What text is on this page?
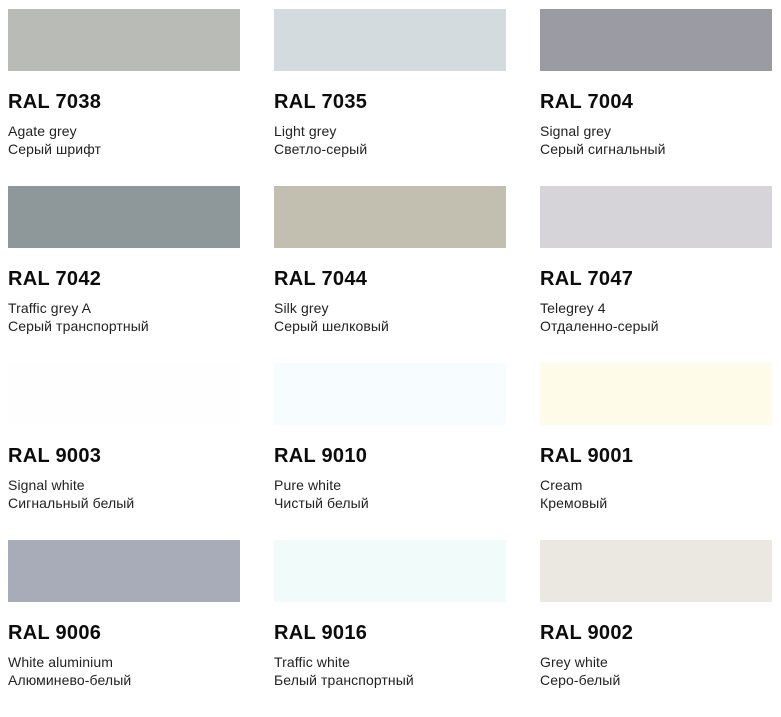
RAL 7038
Agate grey
Серый шрифт
RAL 7035
Light grey
Светло-серый
RAL 7004
Signal grey
Серый сигнальный
RAL 7042
Traffic grey A
Серый транспортный
RAL 7044
Silk grey
Серый шелковый
RAL 7047
Telegrey 4
Отдаленно-серый
RAL 9003
Signal white
Сигнальный белый
RAL 9010
Pure white
Чистый белый
RAL 9001
Cream
Кремовый
RAL 9006
White aluminium
Алюминево-белый
RAL 9016
Traffic white
Белый транспортный
RAL 9002
Grey white
Серо-белый
